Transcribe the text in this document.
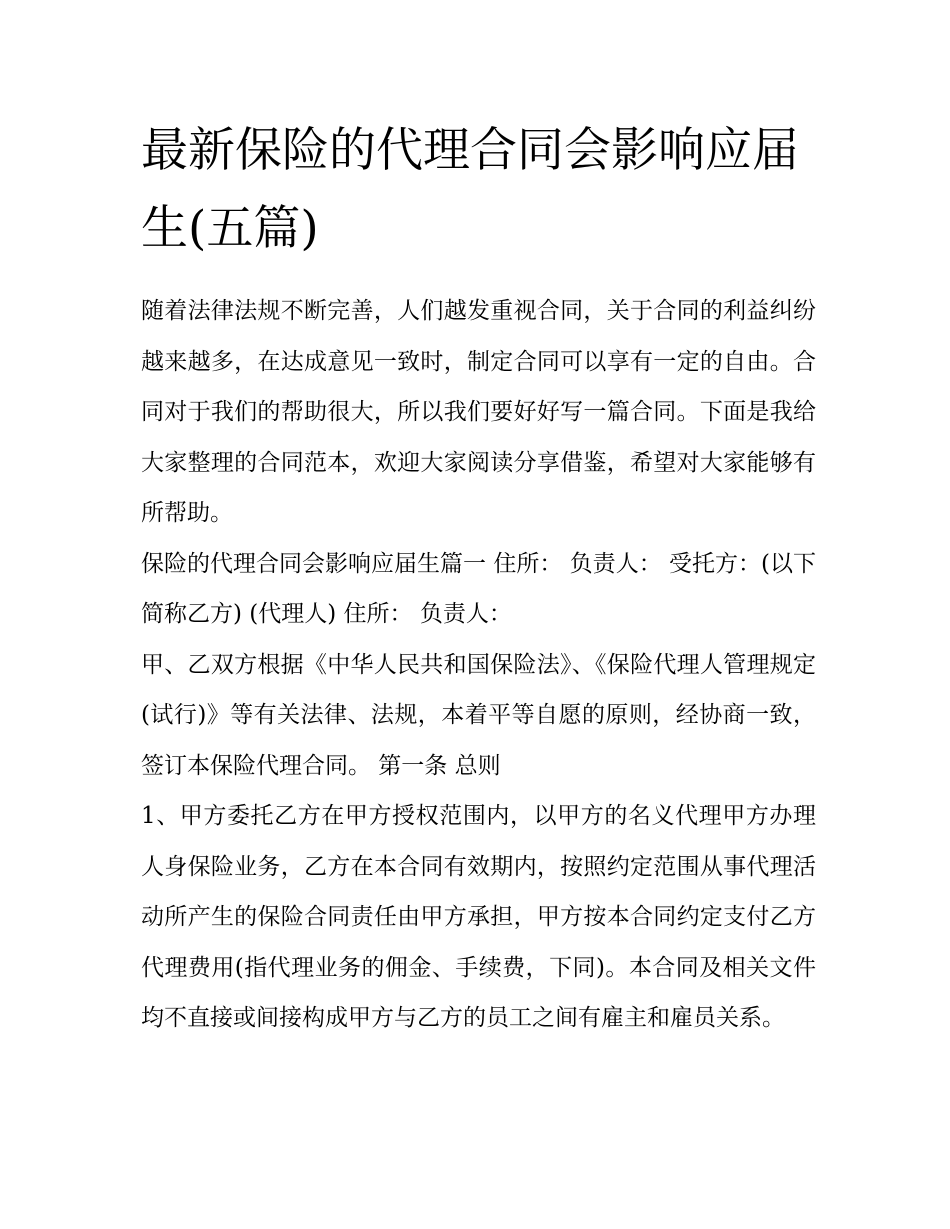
最新保险的代理合同会影响应届生(五篇)

随着法律法规不断完善，人们越发重视合同，关于合同的利益纠纷越来越多，在达成意见一致时，制定合同可以享有一定的自由。合同对于我们的帮助很大，所以我们要好好写一篇合同。下面是我给大家整理的合同范本，欢迎大家阅读分享借鉴，希望对大家能够有所帮助。

保险的代理合同会影响应届生篇一 住所： 负责人： 受托方：(以下简称乙方) (代理人) 住所： 负责人：

甲、乙双方根据《中华人民共和国保险法》、《保险代理人管理规定(试行)》等有关法律、法规，本着平等自愿的原则，经协商一致，签订本保险代理合同。 第一条 总则

1、甲方委托乙方在甲方授权范围内，以甲方的名义代理甲方办理人身保险业务，乙方在本合同有效期内，按照约定范围从事代理活动所产生的保险合同责任由甲方承担，甲方按本合同约定支付乙方代理费用(指代理业务的佣金、手续费，下同)。本合同及相关文件均不直接或间接构成甲方与乙方的员工之间有雇主和雇员关系。
